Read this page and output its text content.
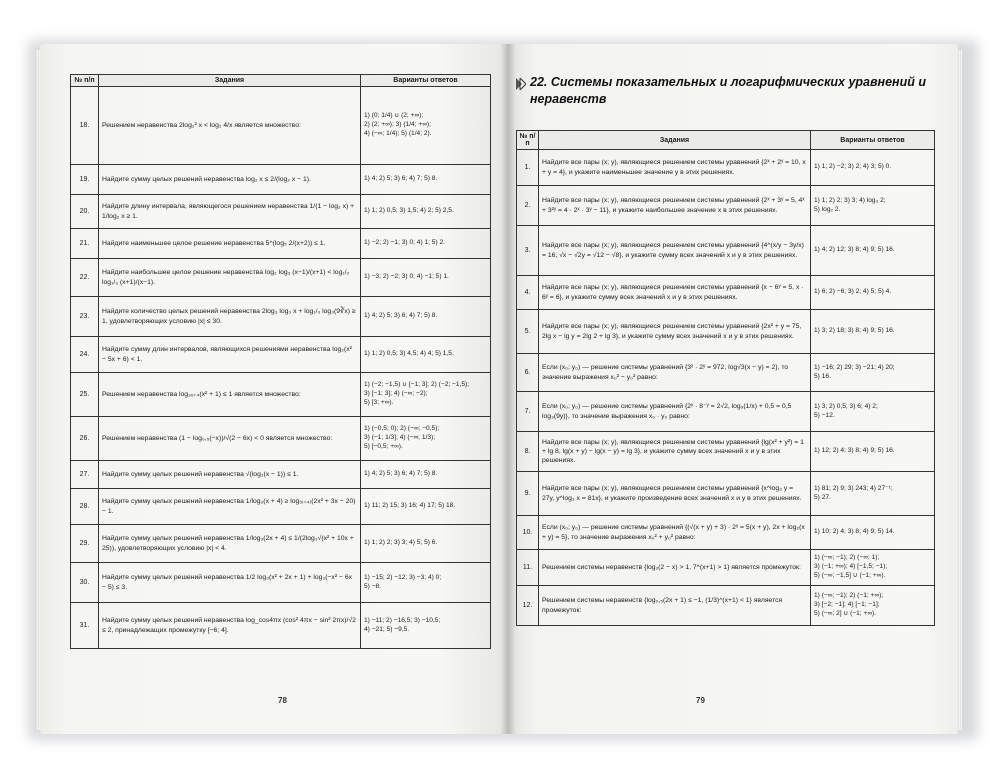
№ п/п	Задания	Варианты ответов
18.	Решением неравенства 2log₂² x < log₂ 4/x является множество:	1) (0; 1/4) ∪ (2; +∞);
2) (2; +∞); 3) (1/4; +∞);
4) (−∞; 1/4); 5) (1/4; 2).

19.	Найдите сумму целых решений неравенства log₂ x ≤ 2/(log₂ x − 1).	1) 4; 2) 5; 3) 6; 4) 7; 5) 8.

20.	Найдите длину интервала, являющегося решением неравенства 1/(1 − log₂ x) + 1/log₂ x ≥ 1.	1) 1; 2) 0,5; 3) 1,5; 4) 2; 5) 2,5.

21.	Найдите наименьшее целое решение неравенства 5^(log₅ 2/(x+2)) ≤ 1.	1) −2; 2) −1; 3) 0; 4) 1; 5) 2.

22.	Найдите наибольшее целое решение неравенства log₂ log₃ (x−1)/(x+1) < log₁/₂ log₁/₃ (x+1)/(x−1).	1) −3; 2) −2; 3) 0; 4) −1; 5) 1.

23.	Найдите количество целых решений неравенства 2log₃ log₃ x + log₁/₃ log₃(9∛x) ≥ 1, удовлетворяющих условию |x| ≤ 30.	1) 4; 2) 5; 3) 6; 4) 7; 5) 8.

24.	Найдите сумму длин интервалов, являющихся решениями неравенства log₂(x² − 5x + 6) < 1.	1) 1; 2) 0,5; 3) 4,5; 4) 4; 5) 1,5.

25.	Решением неравенства log₂ₓ₊₄(x² + 1) ≤ 1 является множество:	1) (−2; −1,5) ∪ [−1; 3]; 2) (−2; −1,5);
3) [−1; 3]; 4) (−∞; −2);
5) [3; +∞).

26.	Решением неравенства (1 − log₀,₅(−x))/√(2 − 6x) < 0 является множество:	1) (−0,5; 0); 2) (−∞; −0,5);
3) (−1; 1/3]; 4) (−∞; 1/3);
5) [−0,5; +∞).

27.	Найдите сумму целых решений неравенства √(log₂(x − 1)) ≤ 1.	1) 4; 2) 5; 3) 6; 4) 7; 5) 8.

28.	Найдите сумму целых решений неравенства 1/log₃(x + 4) ≥ log₍ₓ₊₄₎(2x² + 3x − 20) − 1.	1) 11; 2) 15; 3) 16; 4) 17; 5) 18.

29.	Найдите сумму целых решений неравенства 1/log₃(2x + 4) ≤ 1/(2log₃√(x² + 10x + 25)), удовлетворяющих условию |x| < 4.	1) 1; 2) 2; 3) 3; 4) 5; 5) 6.

30.	Найдите сумму целых решений неравенства 1/2 log₃(x² + 2x + 1) + log₃(−x² − 6x − 5) ≤ 3.	1) −15; 2) −12; 3) −3; 4) 0;
5) −8.

31.	Найдите сумму целых решений неравенства log_cos4πx (cos² 4πx − sin² 2πx)/√2 ≤ 2, принадлежащих промежутку [−6; 4].	1) −11; 2) −16,5; 3) −10,5;
4) −21; 5) −9,5.
78
22. Системы показательных и логарифмических уравнений и неравенств
№ п/п	Задания	Варианты ответов
1.	Найдите все пары (x; y), являющиеся решением системы уравнений {2ˣ + 2ʸ = 10, x + y = 4}, и укажите наименьшее значение y в этих решениях.	1) 1; 2) −2; 3) 2; 4) 3; 5) 0.

2.	Найдите все пары (x; y), являющиеся решением системы уравнений {2ˣ + 3ʸ = 5, 4ˣ + 3²ʸ = 4 · 2ˣ · 3ʸ − 11}, и укажите наибольшее значение x в этих решениях.	1) 1; 2) 2; 3) 3; 4) log₃ 2;
5) log₂ 2.

3.	Найдите все пары (x; y), являющиеся решением системы уравнений {4^(x/y − 3y/x) = 16, √x − √2y = √12 − √8}, и укажите сумму всех значений x и y в этих решениях.	1) 4; 2) 12; 3) 8; 4) 9; 5) 16.

4.	Найдите все пары (x; y), являющиеся решением системы уравнений {x − 6ʸ = 5, x · 6ʸ = 6}, и укажите сумму всех значений x и y в этих решениях.	1) 6; 2) −6; 3) 2; 4) 5; 5) 4.

5.	Найдите все пары (x; y), являющиеся решением системы уравнений {2x² + y = 75, 2lg x − lg y = 2lg 2 + lg 3}, и укажите сумму всех значений x и y в этих решениях.	1) 3; 2) 18; 3) 8; 4) 9; 5) 16.

6.	Если (x₀; y₀) — решение системы уравнений {3ˣ · 2ʸ = 972, log√3(x − y) = 2}, то значение выражения x₀² − y₀² равно:	1) −16; 2) 29; 3) −21; 4) 20;
5) 16.

7.	Если (x₀; y₀) — решение системы уравнений {2ˣ · 8⁻ʸ = 2√2, log₉(1/x) + 0,5 = 0,5 log₃(9y)}, то значение выражения x₀ · y₀ равно:	1) 3; 2) 0,5; 3) 6; 4) 2;
5) −12.

8.	Найдите все пары (x; y), являющиеся решением системы уравнений {lg(x² + y²) = 1 + lg 8, lg(x + y) − lg(x − y) = lg 3}, и укажите сумму всех значений x и y в этих решениях.	1) 12; 2) 4; 3) 8; 4) 9; 5) 16.

9.	Найдите все пары (x; y), являющиеся решением системы уравнений {x^log₃ y = 27y, y^log₃ x = 81x}, и укажите произведение всех значений x и y в этих решениях.	1) 81; 2) 9; 3) 243; 4) 27⁻¹;
5) 27.

10.	Если (x₀; y₀) — решение системы уравнений {(√(x + y) + 3) · 2ˣ = 5(x + y), 2x + log₂(x + y) = 5}, то значение выражения x₀² + y₀² равно:	1) 10; 2) 4; 3) 8; 4) 9; 5) 14.

11.	Решением системы неравенств {log₂(2 − x) > 1, 7^(x+1) > 1} является промежуток:	1) (−∞; −1); 2) (−∞; 1);
3) (−1; +∞); 4) [−1,5; −1);
5) (−∞; −1,5] ∪ (−1; +∞).

12.	Решением системы неравенств {log₀,₅(2x + 1) ≤ −1, (1/3)^(x+1) < 1} является промежуток:	1) (−∞; −1); 2) (−1; +∞);
3) [−2; −1]; 4) [−1; −1];
5) (−∞; 2] ∪ (−1; +∞).
79
